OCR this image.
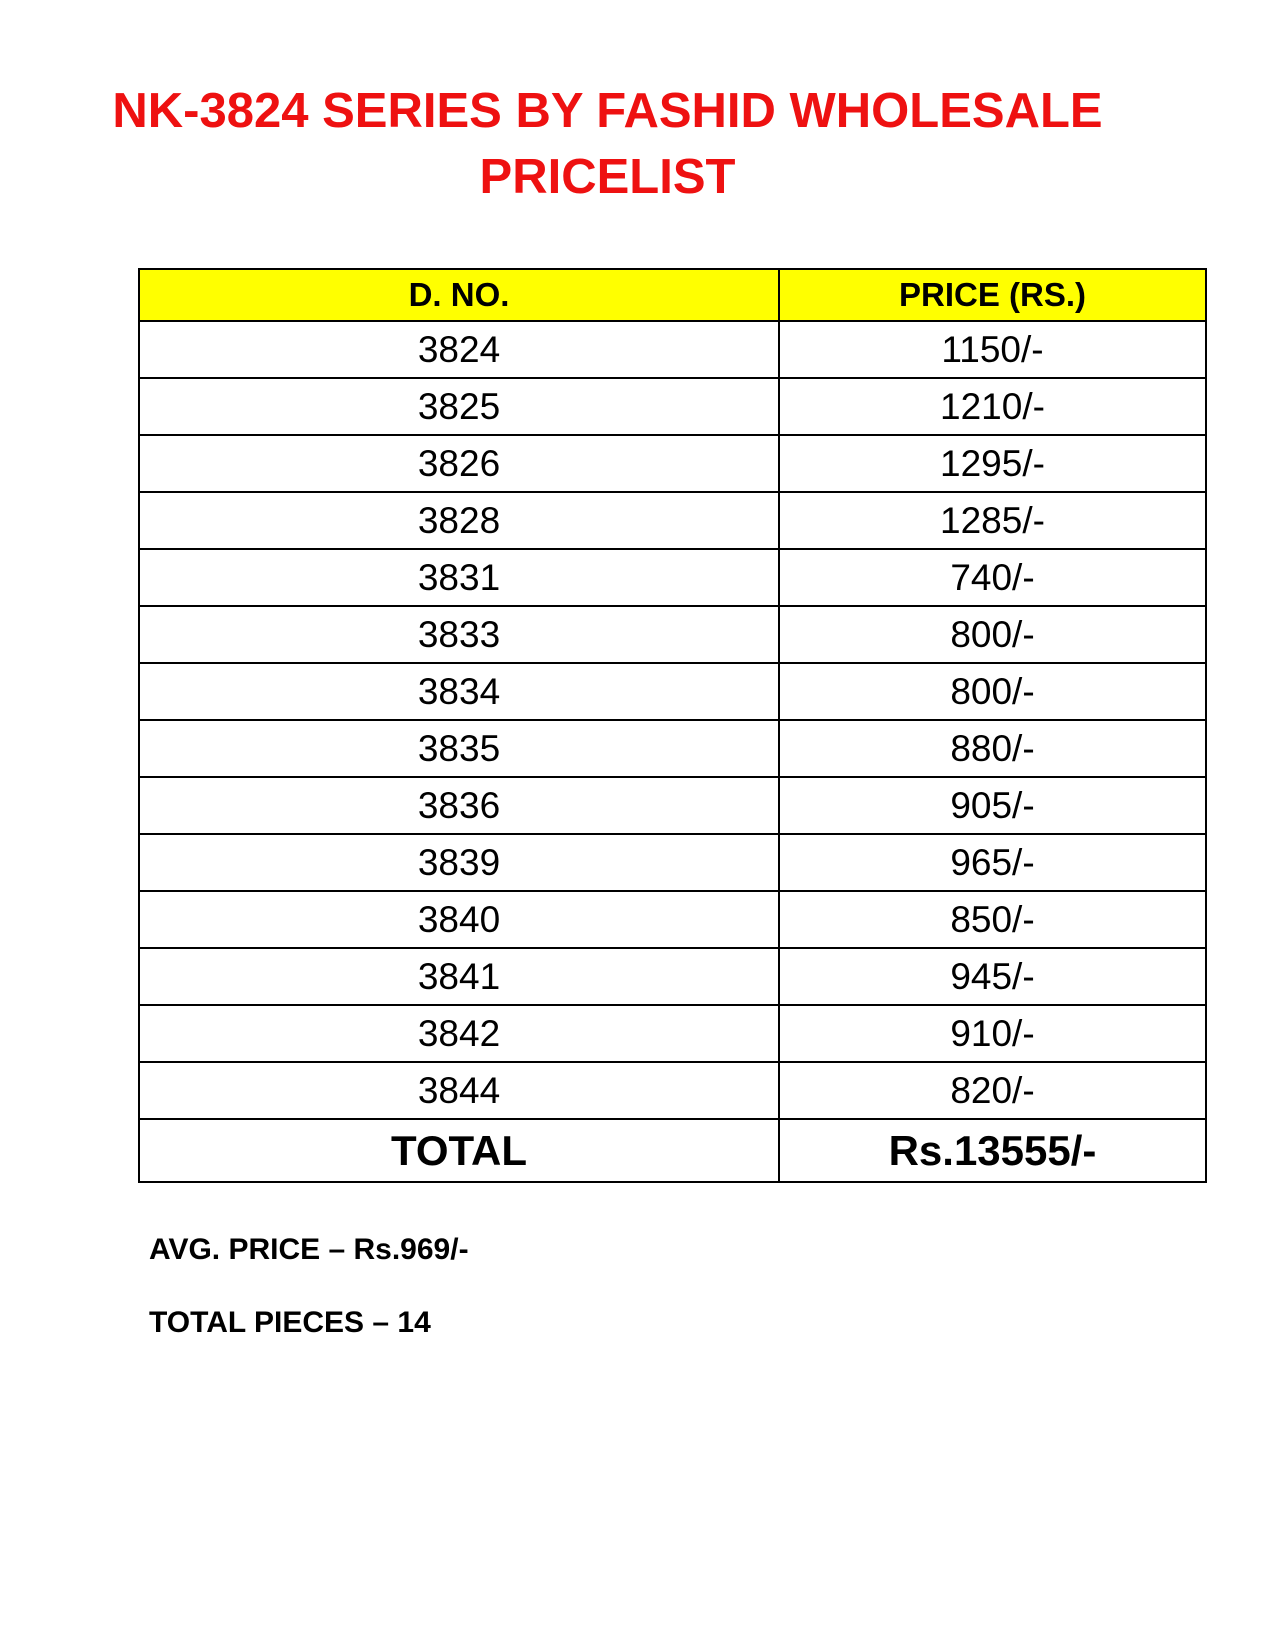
NK-3824 SERIES BY FASHID WHOLESALE
PRICELIST
D. NO.	PRICE (RS.)
3824	1150/-
3825	1210/-
3826	1295/-
3828	1285/-
3831	740/-
3833	800/-
3834	800/-
3835	880/-
3836	905/-
3839	965/-
3840	850/-
3841	945/-
3842	910/-
3844	820/-
TOTAL	Rs.13555/-
AVG. PRICE – Rs.969/-
TOTAL PIECES – 14
